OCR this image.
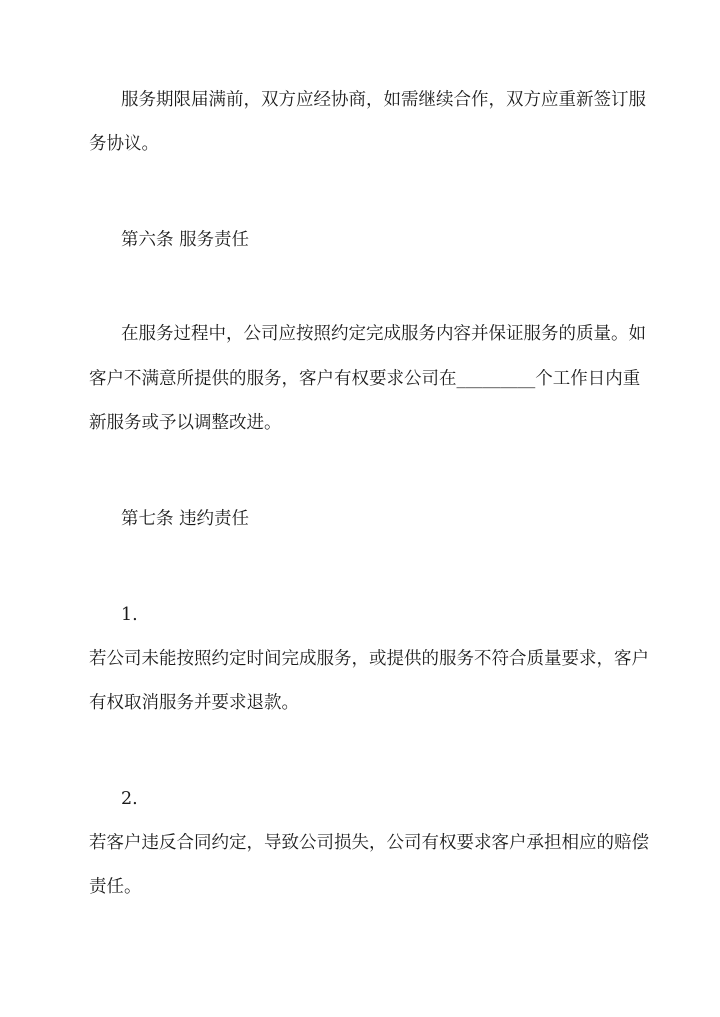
服务期限届满前，双方应经协商，如需继续合作，双方应重新签订服
务协议。
第六条 服务责任
在服务过程中，公司应按照约定完成服务内容并保证服务的质量。如
客户不满意所提供的服务，客户有权要求公司在_________个工作日内重
新服务或予以调整改进。
第七条 违约责任
1.
若公司未能按照约定时间完成服务，或提供的服务不符合质量要求，客户
有权取消服务并要求退款。
2.
若客户违反合同约定，导致公司损失，公司有权要求客户承担相应的赔偿
责任。
